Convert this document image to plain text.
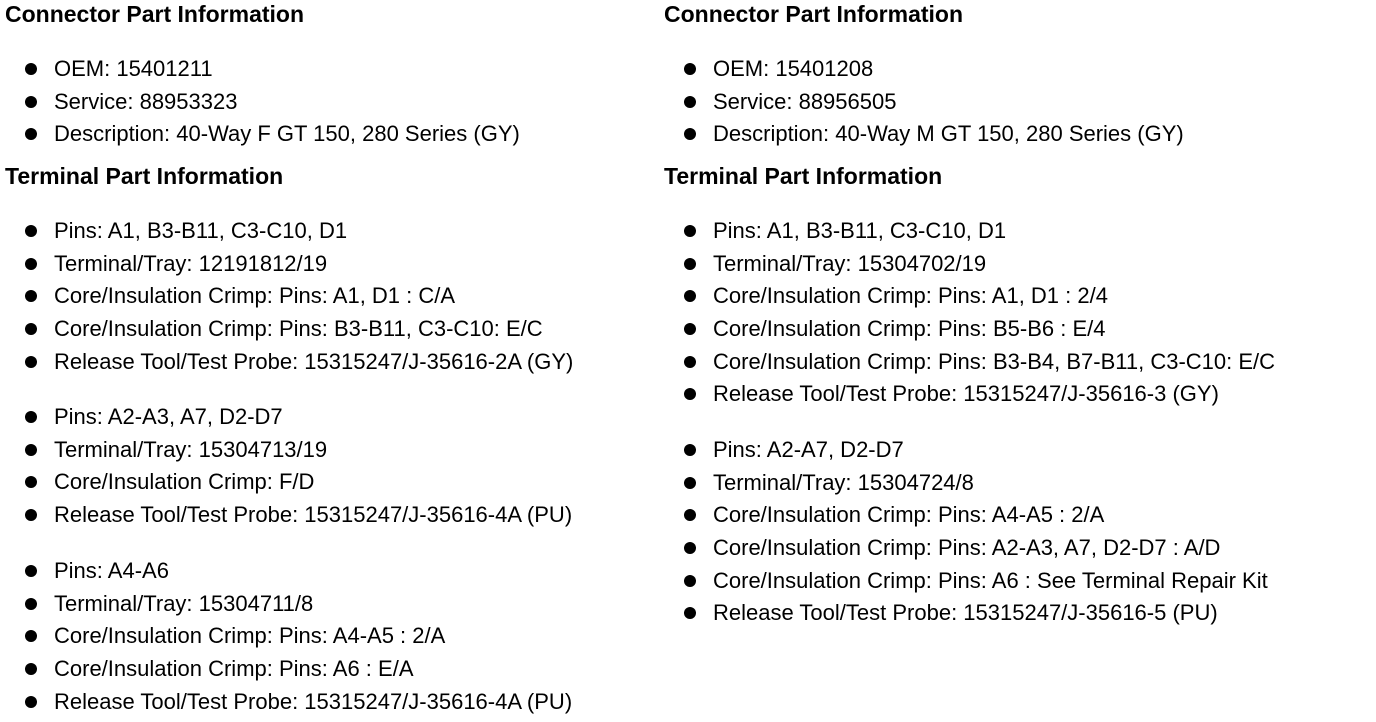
Connector Part Information
OEM: 15401211
Service: 88953323
Description: 40-Way F GT 150, 280 Series (GY)
Terminal Part Information
Pins: A1, B3-B11, C3-C10, D1
Terminal/Tray: 12191812/19
Core/Insulation Crimp: Pins: A1, D1 : C/A
Core/Insulation Crimp: Pins: B3-B11, C3-C10: E/C
Release Tool/Test Probe: 15315247/J-35616-2A (GY)
Pins: A2-A3, A7, D2-D7
Terminal/Tray: 15304713/19
Core/Insulation Crimp: F/D
Release Tool/Test Probe: 15315247/J-35616-4A (PU)
Pins: A4-A6
Terminal/Tray: 15304711/8
Core/Insulation Crimp: Pins: A4-A5 : 2/A
Core/Insulation Crimp: Pins: A6 : E/A
Release Tool/Test Probe: 15315247/J-35616-4A (PU)
Connector Part Information
OEM: 15401208
Service: 88956505
Description: 40-Way M GT 150, 280 Series (GY)
Terminal Part Information
Pins: A1, B3-B11, C3-C10, D1
Terminal/Tray: 15304702/19
Core/Insulation Crimp: Pins: A1, D1 : 2/4
Core/Insulation Crimp: Pins: B5-B6 : E/4
Core/Insulation Crimp: Pins: B3-B4, B7-B11, C3-C10: E/C
Release Tool/Test Probe: 15315247/J-35616-3 (GY)
Pins: A2-A7, D2-D7
Terminal/Tray: 15304724/8
Core/Insulation Crimp: Pins: A4-A5 : 2/A
Core/Insulation Crimp: Pins: A2-A3, A7, D2-D7 : A/D
Core/Insulation Crimp: Pins: A6 : See Terminal Repair Kit
Release Tool/Test Probe: 15315247/J-35616-5 (PU)
